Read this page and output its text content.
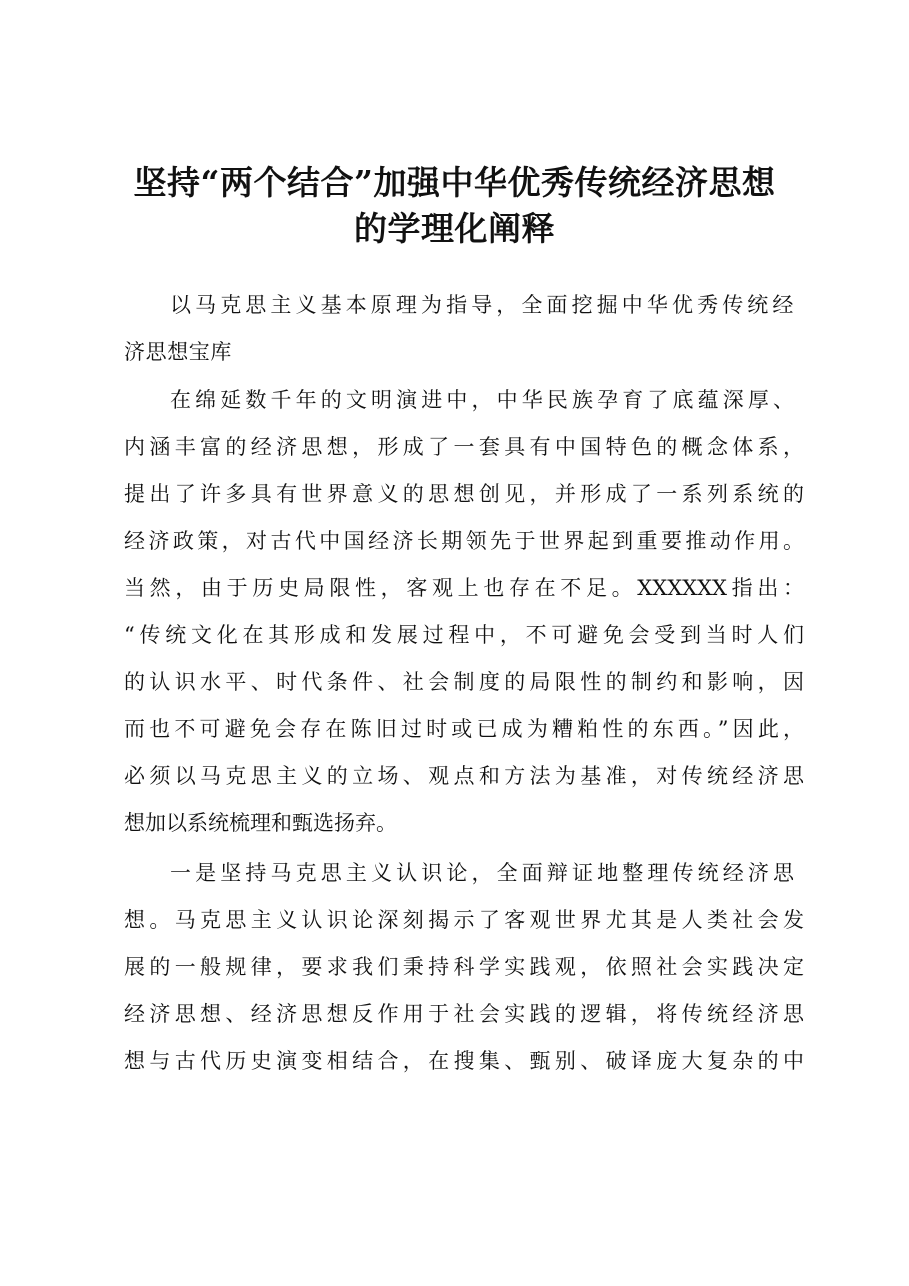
坚持“两个结合”加强中华优秀传统经济思想
的学理化阐释
以马克思主义基本原理为指导，全面挖掘中华优秀传统经
济思想宝库
在绵延数千年的文明演进中，中华民族孕育了底蕴深厚、
内涵丰富的经济思想，形成了一套具有中国特色的概念体系，
提出了许多具有世界意义的思想创见，并形成了一系列系统的
经济政策，对古代中国经济长期领先于世界起到重要推动作用。
当然，由于历史局限性，客观上也存在不足。XXXXXX指出：
“传统文化在其形成和发展过程中，不可避免会受到当时人们
的认识水平、时代条件、社会制度的局限性的制约和影响，因
而也不可避免会存在陈旧过时或已成为糟粕性的东西。”因此，
必须以马克思主义的立场、观点和方法为基准，对传统经济思
想加以系统梳理和甄选扬弃。
一是坚持马克思主义认识论，全面辩证地整理传统经济思
想。马克思主义认识论深刻揭示了客观世界尤其是人类社会发
展的一般规律，要求我们秉持科学实践观，依照社会实践决定
经济思想、经济思想反作用于社会实践的逻辑，将传统经济思
想与古代历史演变相结合，在搜集、甄别、破译庞大复杂的中
